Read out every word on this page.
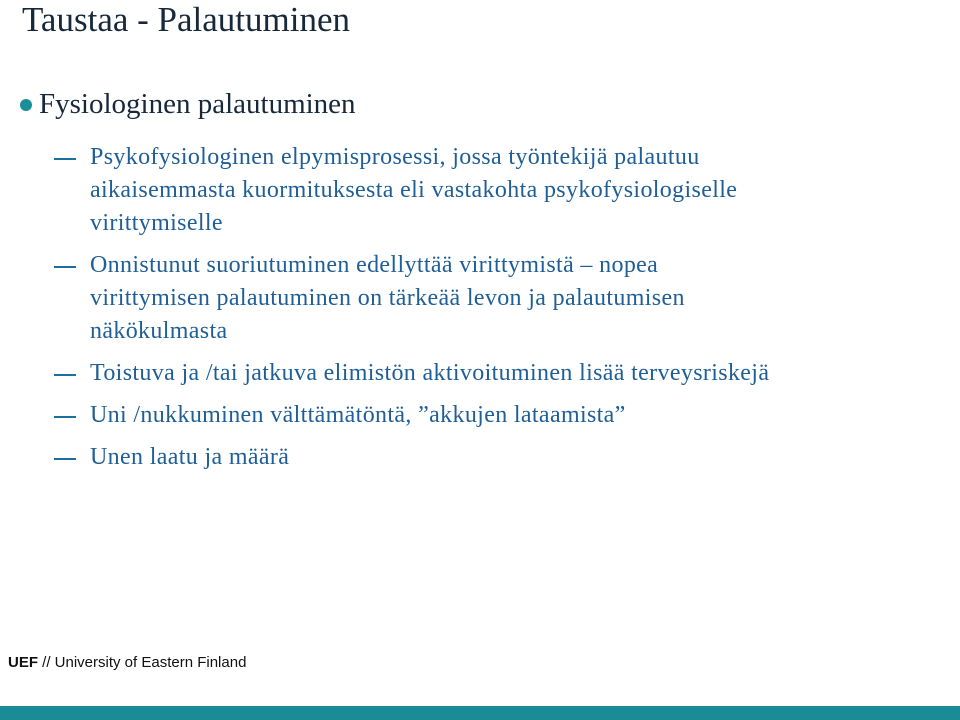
Taustaa - Palautuminen
Fysiologinen palautuminen
Psykofysiologinen elpymisprosessi, jossa työntekijä palautuu
aikaisemmasta kuormituksesta eli vastakohta psykofysiologiselle
virittymiselle
Onnistunut suoriutuminen edellyttää virittymistä – nopea
virittymisen palautuminen on tärkeää levon ja palautumisen
näkökulmasta
Toistuva ja /tai jatkuva elimistön aktivoituminen lisää terveysriskejä
Uni /nukkuminen välttämätöntä, ”akkujen lataamista”
Unen laatu ja määrä
UEF // University of Eastern Finland
